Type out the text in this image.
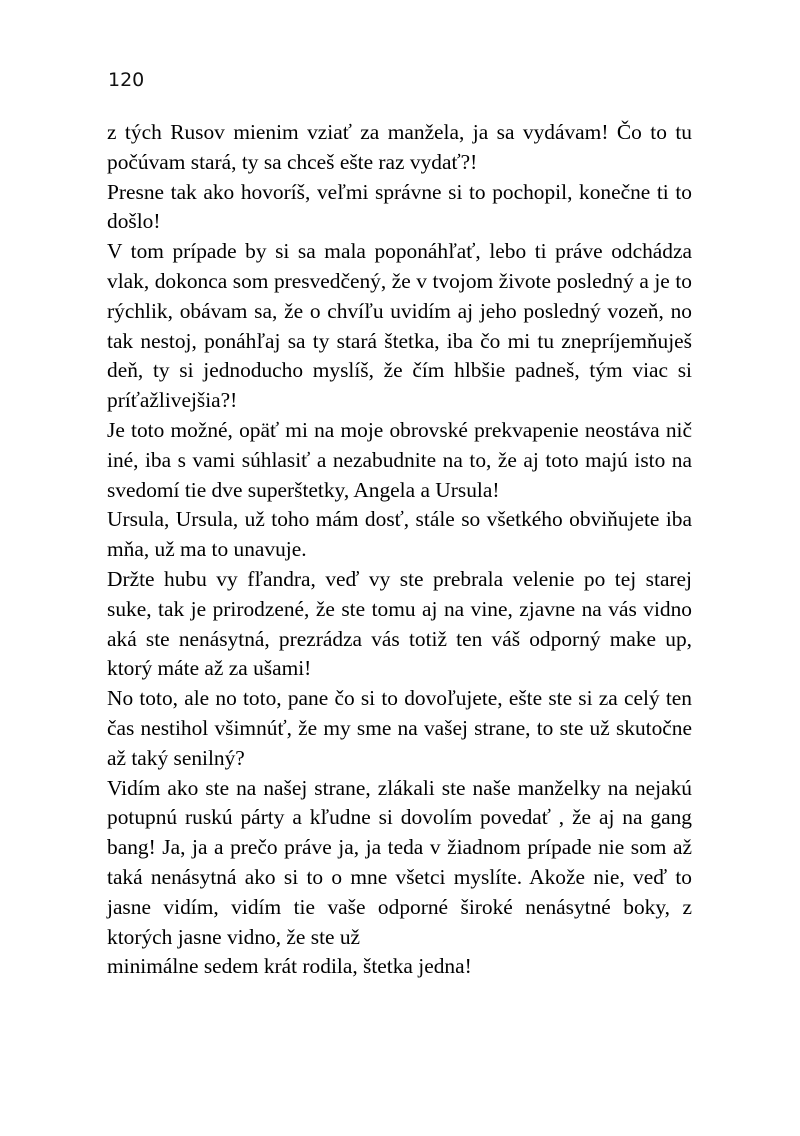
120

z tých Rusov mienim vziať za manžela, ja sa vydávam! Čo to tu počúvam stará, ty sa chceš ešte raz vydať?!

Presne tak ako hovoríš, veľmi správne si to pochopil, konečne ti to došlo!

V tom prípade by si sa mala poponáhľať, lebo ti práve odchádza vlak, dokonca som presvedčený, že v tvojom živote posledný a je to rýchlik, obávam sa, že o chvíľu uvidím aj jeho posledný vozeň, no tak nestoj, ponáhľaj sa ty stará štetka, iba čo mi tu znepríjemňuješ deň, ty si jednoducho myslíš, že čím hlbšie padneš, tým viac si príťažlivejšia?!

Je toto možné, opäť mi na moje obrovské prekvapenie neostáva nič iné, iba s vami súhlasiť a nezabudnite na to, že aj toto majú isto na svedomí tie dve superštetky, Angela a Ursula!

Ursula, Ursula, už toho mám dosť, stále so všetkého obviňujete iba mňa, už ma to unavuje.

Držte hubu vy fľandra, veď vy ste prebrala velenie po tej starej suke, tak je prirodzené, že ste tomu aj na vine, zjavne na vás vidno aká ste nenásytná, prezrádza vás totiž ten váš odporný make up, ktorý máte až za ušami!

No toto, ale no toto, pane čo si to dovoľujete, ešte ste si za celý ten čas nestihol všimnúť, že my sme na vašej strane, to ste už skutočne až taký senilný?

Vidím ako ste na našej strane, zlákali ste naše manželky na nejakú potupnú ruskú párty a kľudne si dovolím povedať , že aj na gang bang! Ja, ja a prečo práve ja, ja teda v žiadnom prípade nie som až taká nenásytná ako si to o mne všetci myslíte. Akože nie, veď to jasne vidím, vidím tie vaše odporné široké nenásytné boky, z ktorých jasne vidno, že ste už

minimálne sedem krát rodila, štetka jedna!
